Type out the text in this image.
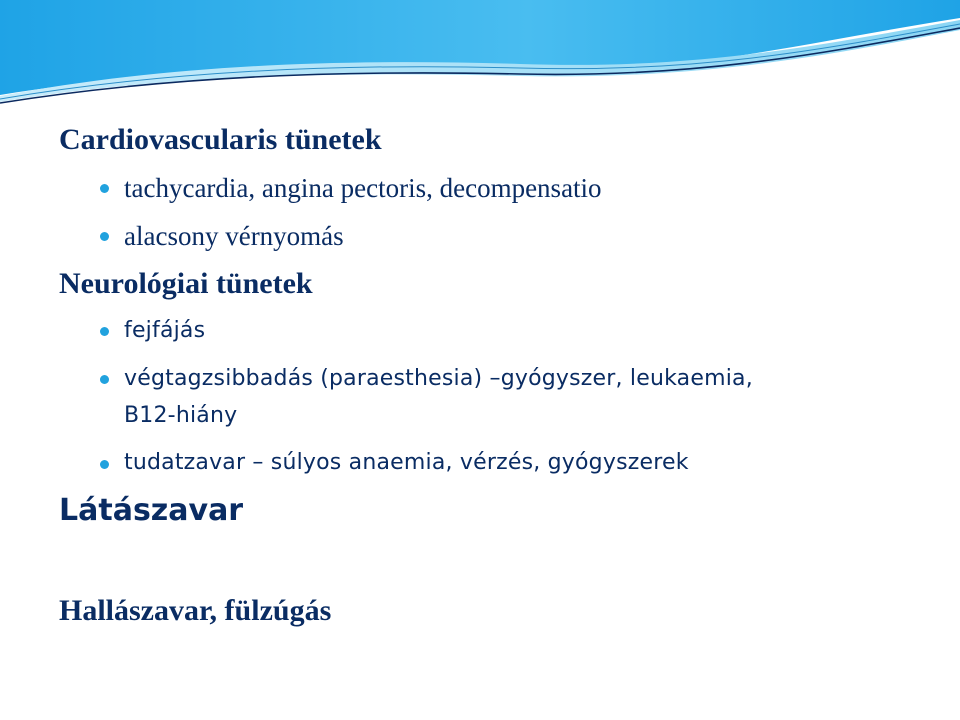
Cardiovascularis tünetek

tachycardia, angina pectoris, decompensatio

alacsony vérnyomás

Neurológiai tünetek

fejfájás

végtagzsibbadás (paraesthesia) –gyógyszer, leukaemia,

B12-hiány

tudatzavar – súlyos anaemia, vérzés, gyógyszerek

Látászavar
Hallászavar, fülzúgás
